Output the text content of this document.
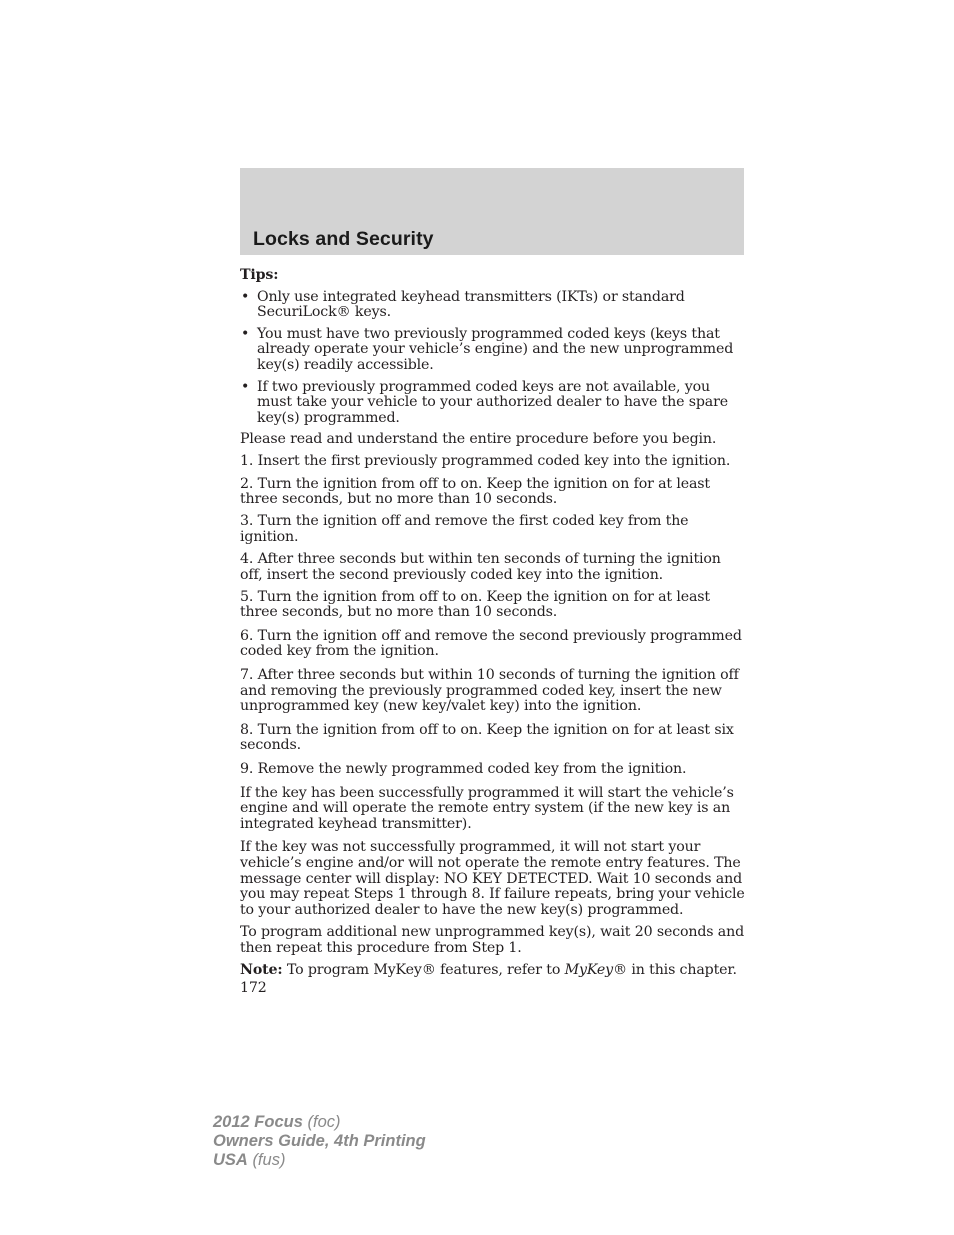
Locks and Security
Tips:
• Only use integrated keyhead transmitters (IKTs) or standard SecuriLock® keys.
• You must have two previously programmed coded keys (keys that already operate your vehicle’s engine) and the new unprogrammed key(s) readily accessible.
• If two previously programmed coded keys are not available, you must take your vehicle to your authorized dealer to have the spare key(s) programmed.

Please read and understand the entire procedure before you begin.

1. Insert the first previously programmed coded key into the ignition.

2. Turn the ignition from off to on. Keep the ignition on for at least three seconds, but no more than 10 seconds.

3. Turn the ignition off and remove the first coded key from the ignition.

4. After three seconds but within ten seconds of turning the ignition off, insert the second previously coded key into the ignition.

5. Turn the ignition from off to on. Keep the ignition on for at least three seconds, but no more than 10 seconds.

6. Turn the ignition off and remove the second previously programmed coded key from the ignition.

7. After three seconds but within 10 seconds of turning the ignition off and removing the previously programmed coded key, insert the new unprogrammed key (new key/valet key) into the ignition.

8. Turn the ignition from off to on. Keep the ignition on for at least six seconds.

9. Remove the newly programmed coded key from the ignition.

If the key has been successfully programmed it will start the vehicle’s engine and will operate the remote entry system (if the new key is an integrated keyhead transmitter).

If the key was not successfully programmed, it will not start your vehicle’s engine and/or will not operate the remote entry features. The message center will display: NO KEY DETECTED. Wait 10 seconds and you may repeat Steps 1 through 8. If failure repeats, bring your vehicle to your authorized dealer to have the new key(s) programmed.

To program additional new unprogrammed key(s), wait 20 seconds and then repeat this procedure from Step 1.

Note: To program MyKey® features, refer to MyKey® in this chapter.

172
2012 Focus (foc)
Owners Guide, 4th Printing
USA (fus)
